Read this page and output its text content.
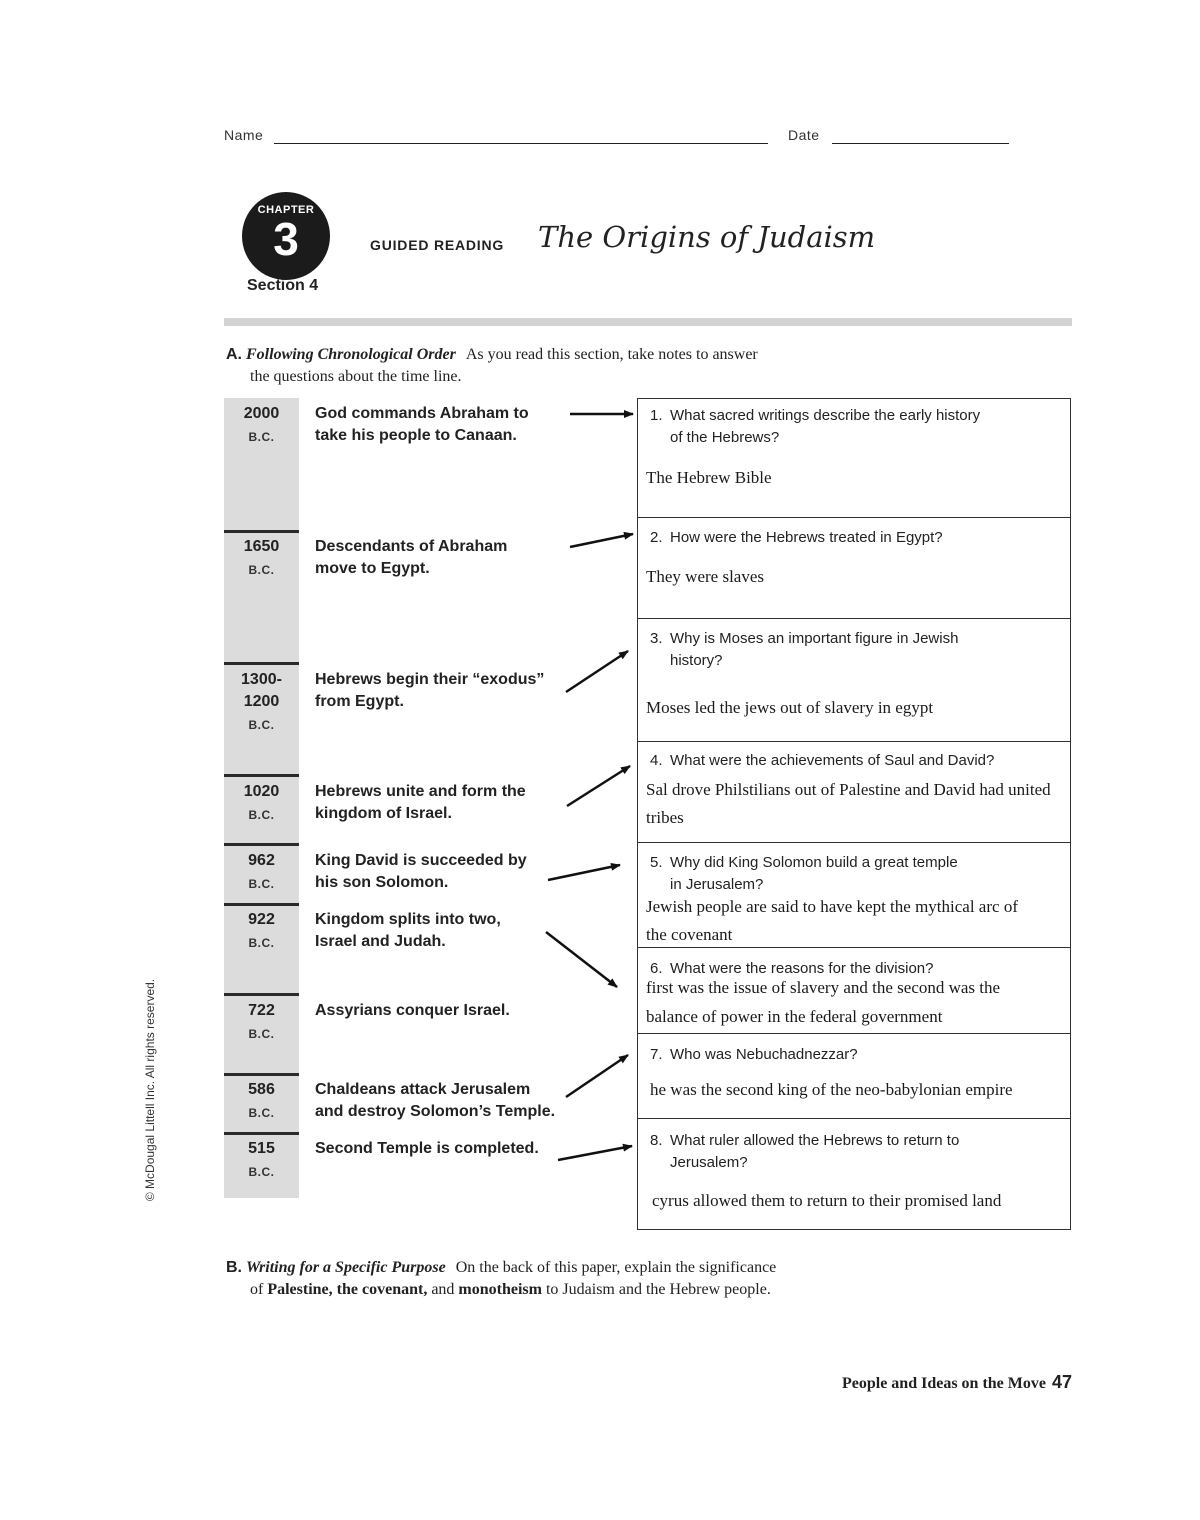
Name	Date
CHAPTER
3
Section 4
GUIDED READING The Origins of Judaism
A. Following Chronological Order As you read this section, take notes to answer
the questions about the time line.
2000
B.C.
God commands Abraham to
take his people to Canaan.
1650
B.C.
Descendants of Abraham
move to Egypt.
1300-
1200
B.C.
Hebrews begin their “exodus”
from Egypt.
1020
B.C.
Hebrews unite and form the
kingdom of Israel.
962
B.C.
King David is succeeded by
his son Solomon.
922
B.C.
Kingdom splits into two,
Israel and Judah.
722
B.C.
Assyrians conquer Israel.
586
B.C.
Chaldeans attack Jerusalem
and destroy Solomon’s Temple.
515
B.C.
Second Temple is completed.
1. What sacred writings describe the early history
of the Hebrews?
The Hebrew Bible
2. How were the Hebrews treated in Egypt?
They were slaves
3. Why is Moses an important figure in Jewish
history?
Moses led the jews out of slavery in egypt
4. What were the achievements of Saul and David?
Sal drove Philstilians out of Palestine and David had united
tribes
5. Why did King Solomon build a great temple
in Jerusalem?
Jewish people are said to have kept the mythical arc of
the covenant
6. What were the reasons for the division?
first was the issue of slavery and the second was the
balance of power in the federal government
7. Who was Nebuchadnezzar?
he was the second king of the neo-babylonian empire
8. What ruler allowed the Hebrews to return to
Jerusalem?
cyrus allowed them to return to their promised land
B. Writing for a Specific Purpose On the back of this paper, explain the significance
of Palestine, the covenant, and monotheism to Judaism and the Hebrew people.
© McDougal Littell Inc. All rights reserved.
People and Ideas on the Move 47
